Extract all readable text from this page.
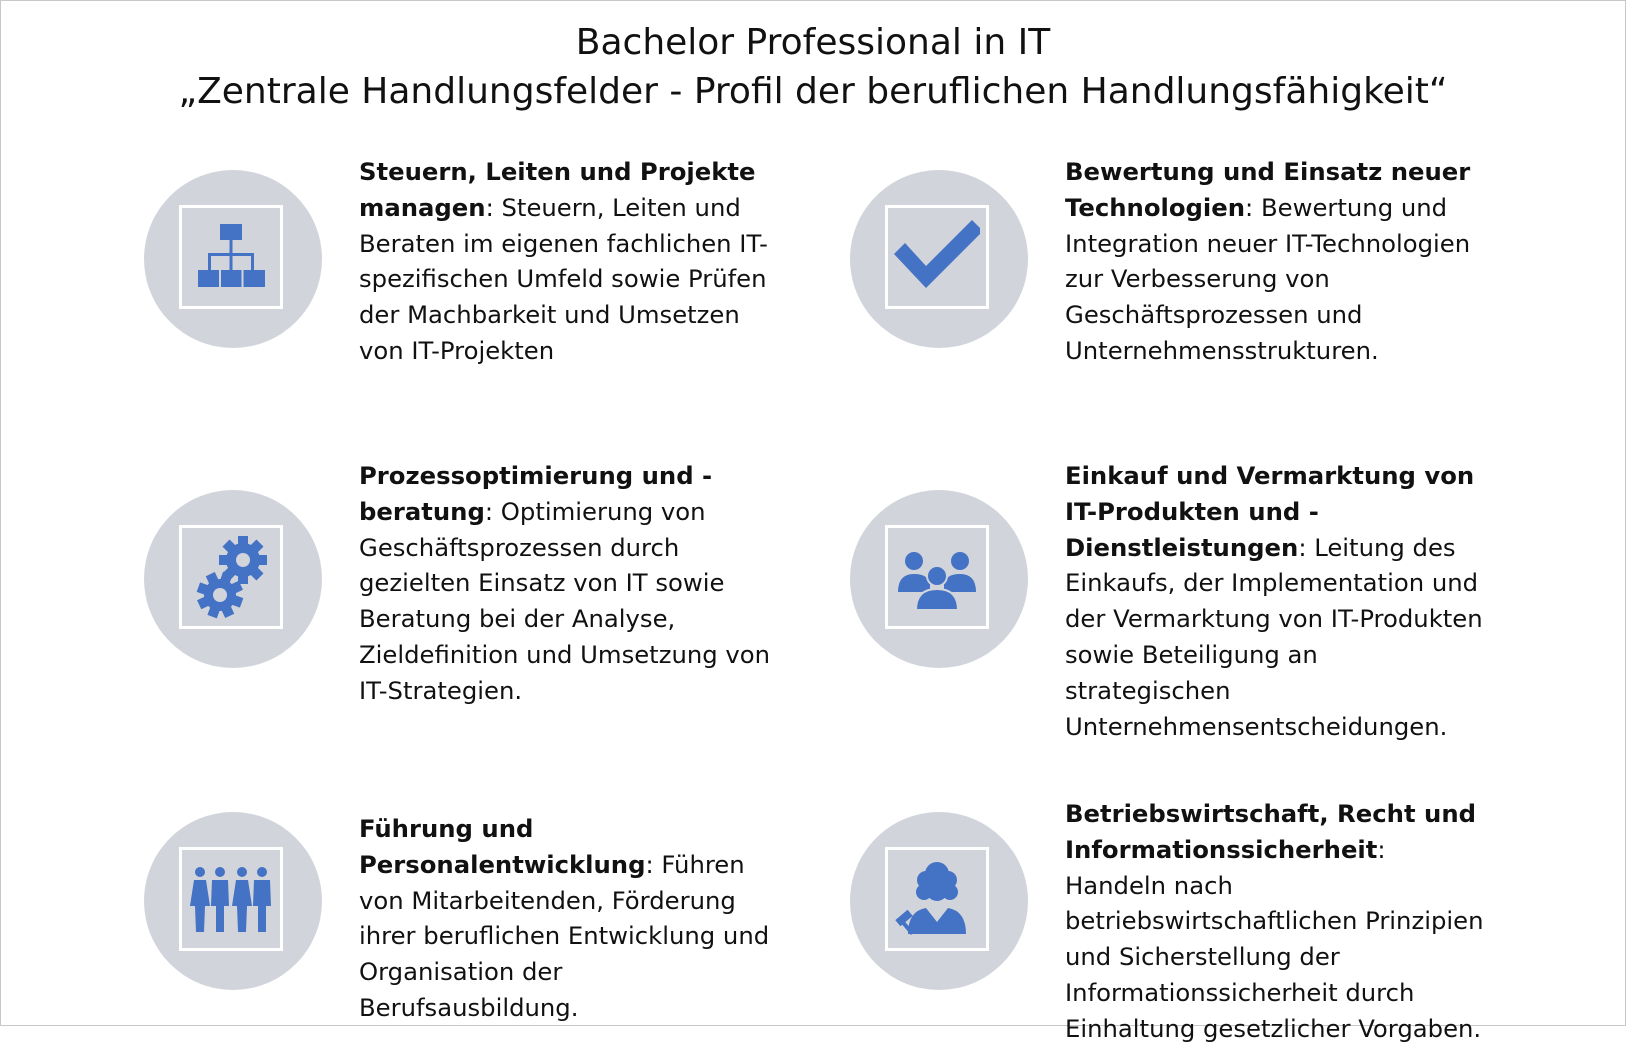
Bachelor Professional in IT
„Zentrale Handlungsfelder - Profil der beruflichen Handlungsfähigkeit“
Steuern, Leiten und Projekte managen: Steuern, Leiten und Beraten im eigenen fachlichen IT-spezifischen Umfeld sowie Prüfen der Machbarkeit und Umsetzen von IT-Projekten
Bewertung und Einsatz neuer Technologien: Bewertung und Integration neuer IT-Technologien zur Verbesserung von Geschäftsprozessen und Unternehmensstrukturen.
Prozessoptimierung und -beratung: Optimierung von Geschäftsprozessen durch gezielten Einsatz von IT sowie Beratung bei der Analyse, Zieldefinition und Umsetzung von IT-Strategien.
Einkauf und Vermarktung von IT-Produkten und -Dienstleistungen: Leitung des Einkaufs, der Implementation und der Vermarktung von IT-Produkten sowie Beteiligung an strategischen Unternehmensentscheidungen.
Führung und Personalentwicklung: Führen von Mitarbeitenden, Förderung ihrer beruflichen Entwicklung und Organisation der Berufsausbildung.
Betriebswirtschaft, Recht und Informationssicherheit: Handeln nach betriebswirtschaftlichen Prinzipien und Sicherstellung der Informationssicherheit durch Einhaltung gesetzlicher Vorgaben.
